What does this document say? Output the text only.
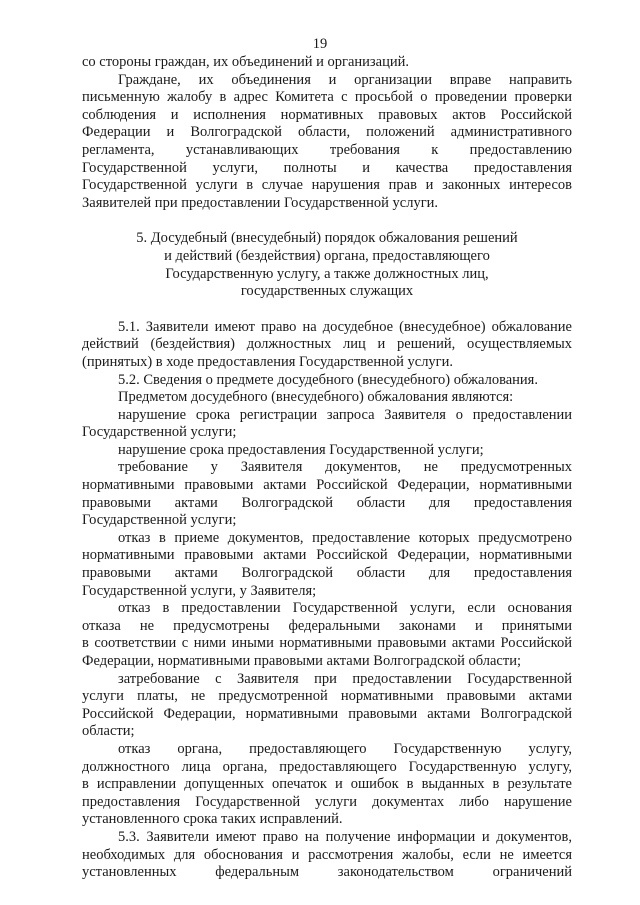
19
со стороны граждан, их объединений и организаций.
Граждане, их объединения и организации вправе направить
письменную жалобу в адрес Комитета с просьбой о проведении проверки
соблюдения и исполнения нормативных правовых актов Российской
Федерации и Волгоградской области, положений административного
регламента, устанавливающих требования к предоставлению
Государственной услуги, полноты и качества предоставления
Государственной услуги в случае нарушения прав и законных интересов
Заявителей при предоставлении Государственной услуги.
5. Досудебный (внесудебный) порядок обжалования решений
и действий (бездействия) органа, предоставляющего
Государственную услугу, а также должностных лиц,
государственных служащих
5.1. Заявители имеют право на досудебное (внесудебное) обжалование
действий (бездействия) должностных лиц и решений, осуществляемых
(принятых) в ходе предоставления Государственной услуги.
5.2. Сведения о предмете досудебного (внесудебного) обжалования.
Предметом досудебного (внесудебного) обжалования являются:
нарушение срока регистрации запроса Заявителя о предоставлении
Государственной услуги;
нарушение срока предоставления Государственной услуги;
требование у Заявителя документов, не предусмотренных
нормативными правовыми актами Российской Федерации, нормативными
правовыми актами Волгоградской области для предоставления
Государственной услуги;
отказ в приеме документов, предоставление которых предусмотрено
нормативными правовыми актами Российской Федерации, нормативными
правовыми актами Волгоградской области для предоставления
Государственной услуги, у Заявителя;
отказ в предоставлении Государственной услуги, если основания
отказа не предусмотрены федеральными законами и принятыми
в соответствии с ними иными нормативными правовыми актами Российской
Федерации, нормативными правовыми актами Волгоградской области;
затребование с Заявителя при предоставлении Государственной
услуги платы, не предусмотренной нормативными правовыми актами
Российской Федерации, нормативными правовыми актами Волгоградской
области;
отказ органа, предоставляющего Государственную услугу,
должностного лица органа, предоставляющего Государственную услугу,
в исправлении допущенных опечаток и ошибок в выданных в результате
предоставления Государственной услуги документах либо нарушение
установленного срока таких исправлений.
5.3. Заявители имеют право на получение информации и документов,
необходимых для обоснования и рассмотрения жалобы, если не имеется
установленных федеральным законодательством ограничений
